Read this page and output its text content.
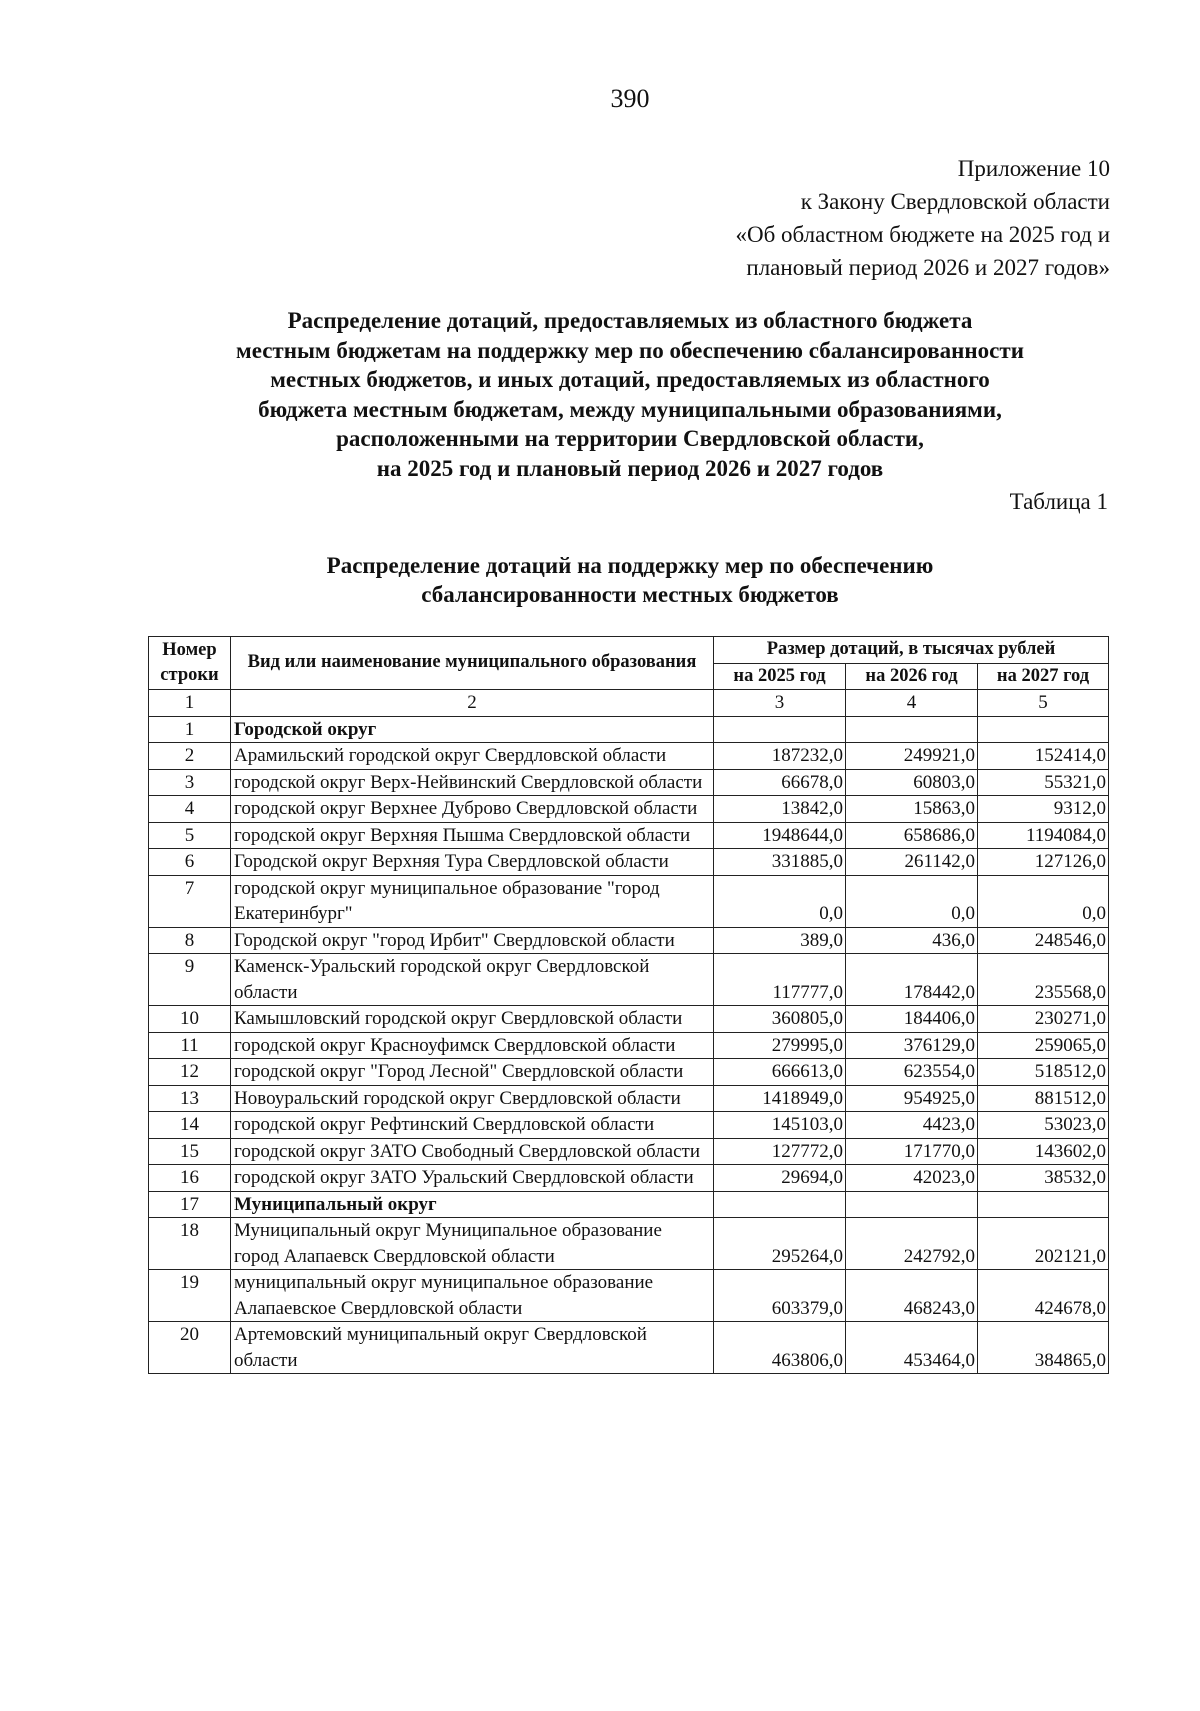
390
Приложение 10
к Закону Свердловской области
«Об областном бюджете на 2025 год и
плановый период 2026 и 2027 годов»
Распределение дотаций, предоставляемых из областного бюджета
местным бюджетам на поддержку мер по обеспечению сбалансированности
местных бюджетов, и иных дотаций, предоставляемых из областного
бюджета местным бюджетам, между муниципальными образованиями,
расположенными на территории Свердловской области,
на 2025 год и плановый период 2026 и 2027 годов
Таблица 1
Распределение дотаций на поддержку мер по обеспечению
сбалансированности местных бюджетов
Номер строки	Вид или наименование муниципального образования	Размер дотаций, в тысячах рублей		
		на 2025 год	на 2026 год	на 2027 год
1	2	3	4	5
1	Городской округ			
2	Арамильский городской округ Свердловской области	187232,0	249921,0	152414,0
3	городской округ Верх-Нейвинский Свердловской области	66678,0	60803,0	55321,0
4	городской округ Верхнее Дуброво Свердловской области	13842,0	15863,0	9312,0
5	городской округ Верхняя Пышма Свердловской области	1948644,0	658686,0	1194084,0
6	Городской округ Верхняя Тура Свердловской области	331885,0	261142,0	127126,0
7	городской округ муниципальное образование "город Екатеринбург"	0,0	0,0	0,0
8	Городской округ "город Ирбит" Свердловской области	389,0	436,0	248546,0
9	Каменск-Уральский городской округ Свердловской области	117777,0	178442,0	235568,0
10	Камышловский городской округ Свердловской области	360805,0	184406,0	230271,0
11	городской округ Красноуфимск Свердловской области	279995,0	376129,0	259065,0
12	городской округ "Город Лесной" Свердловской области	666613,0	623554,0	518512,0
13	Новоуральский городской округ Свердловской области	1418949,0	954925,0	881512,0
14	городской округ Рефтинский Свердловской области	145103,0	4423,0	53023,0
15	городской округ ЗАТО Свободный Свердловской области	127772,0	171770,0	143602,0
16	городской округ ЗАТО Уральский Свердловской области	29694,0	42023,0	38532,0
17	Муниципальный округ			
18	Муниципальный округ Муниципальное образование город Алапаевск Свердловской области	295264,0	242792,0	202121,0
19	муниципальный округ муниципальное образование Алапаевское Свердловской области	603379,0	468243,0	424678,0
20	Артемовский муниципальный округ Свердловской области	463806,0	453464,0	384865,0
